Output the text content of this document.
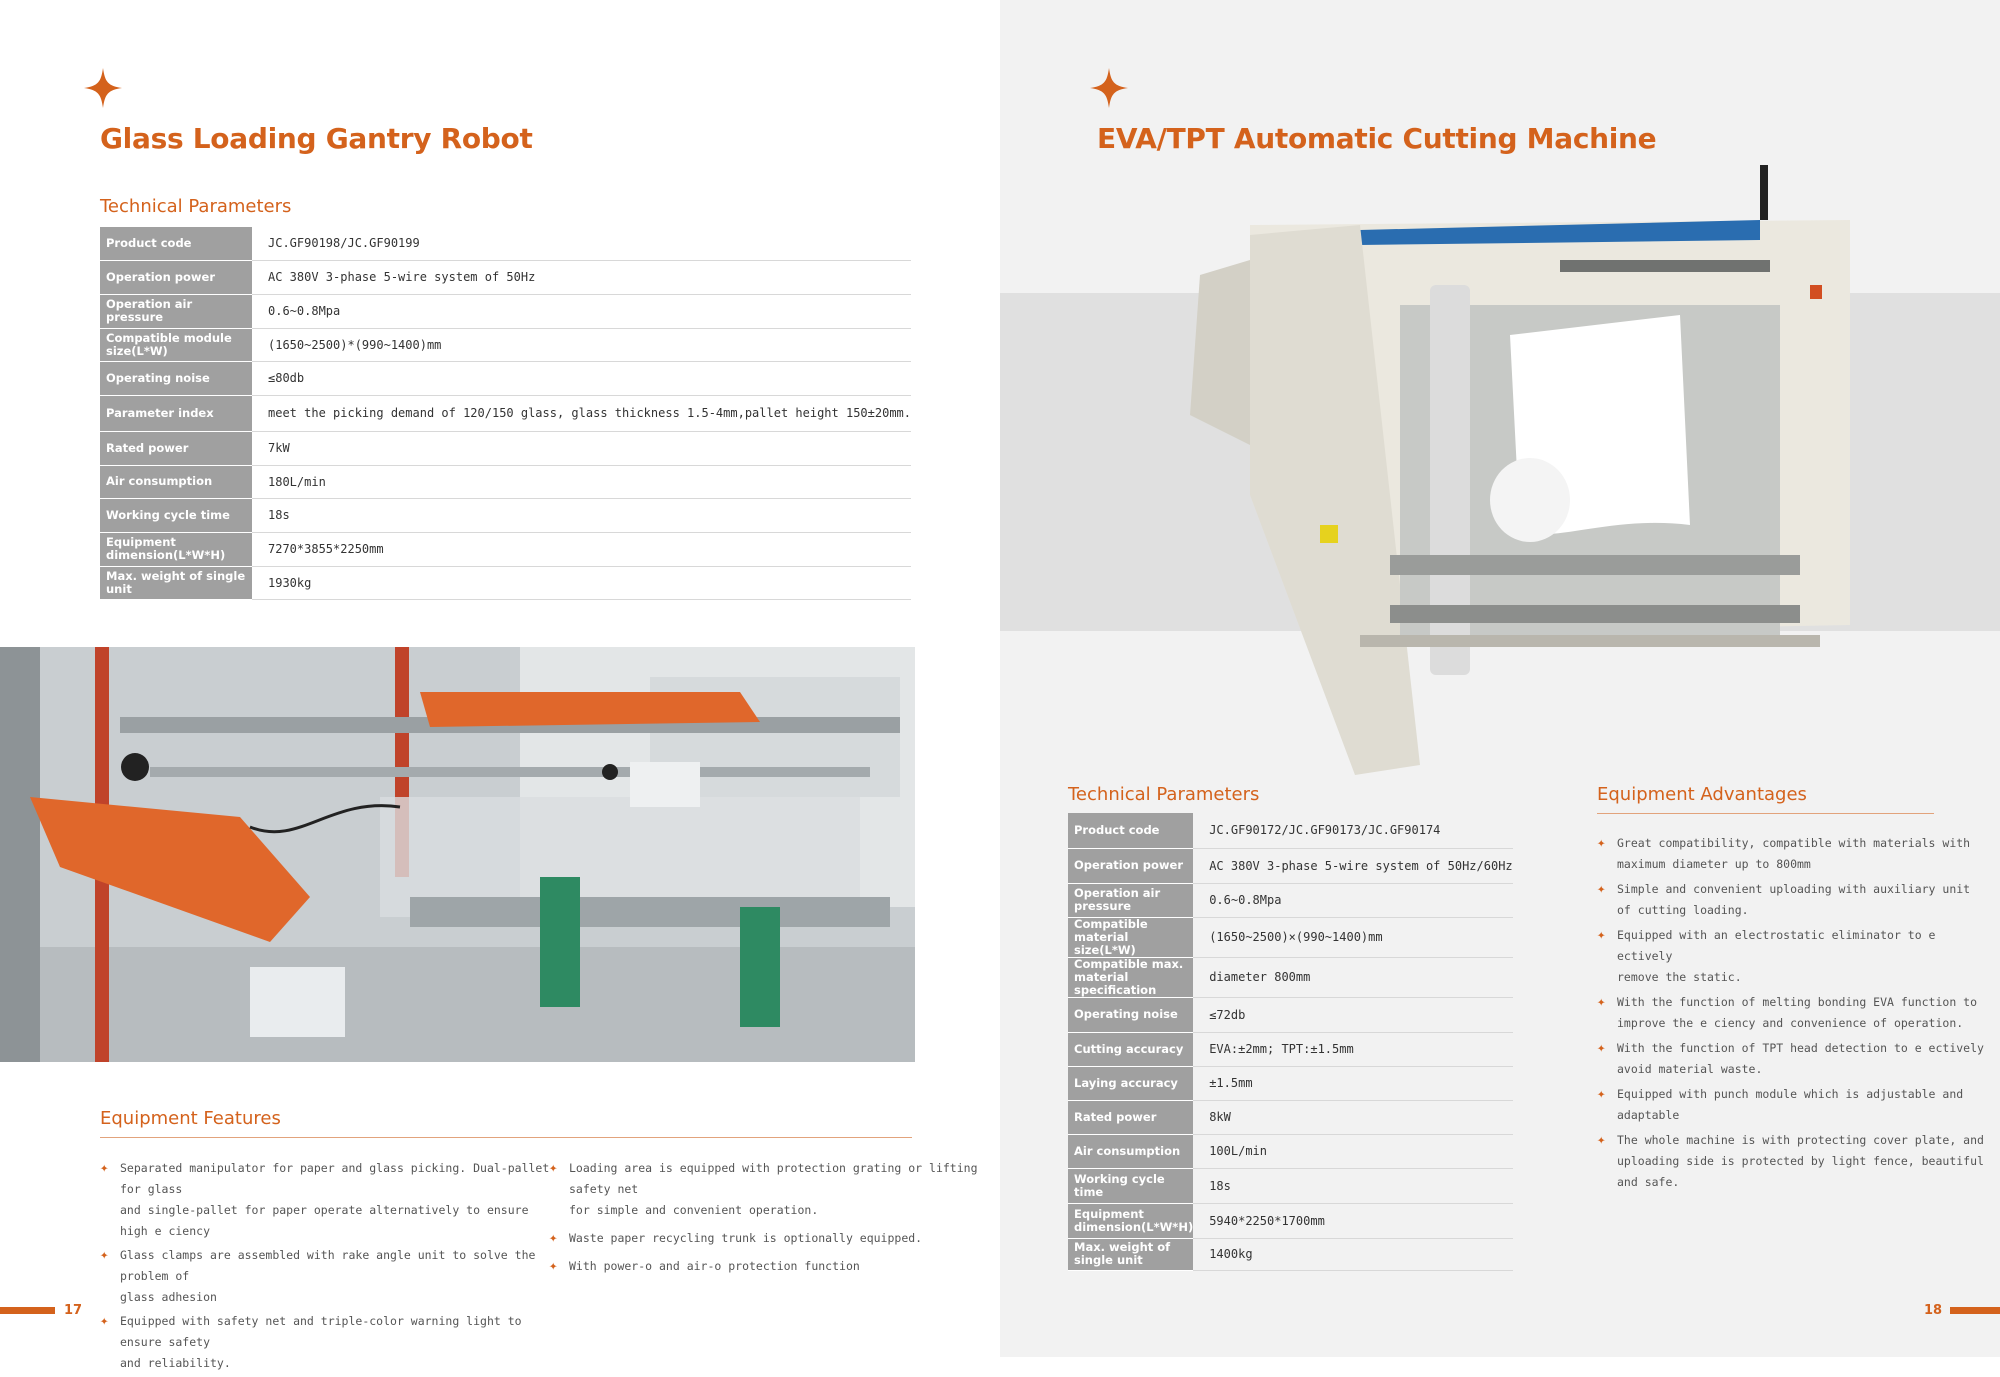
Glass Loading Gantry Robot
Technical Parameters
Product code	JC.GF90198/JC.GF90199
Operation power	AC 380V 3-phase 5-wire system of 50Hz
Operation air pressure	0.6~0.8Mpa
Compatible module size(L*W)	(1650~2500)*(990~1400)mm
Operating noise	≤80db
Parameter index	meet the picking demand of 120/150 glass, glass thickness 1.5-4mm,pallet height 150±20mm.
Rated power	7kW
Air consumption	180L/min
Working cycle time	18s
Equipment dimension(L*W*H)	7270*3855*2250mm
Max. weight of single unit	1930kg
Equipment Features
✦ Separated manipulator for paper and glass picking. Dual-pallet for glass
and single-pallet for paper operate alternatively to ensure high e ciency
✦ Glass clamps are assembled with rake angle unit to solve the problem of
glass adhesion
✦ Equipped with safety net and triple-color warning light to ensure safety
and reliability.
✦ Loading area is equipped with protection grating or lifting safety net
for simple and convenient operation.
✦ Waste paper recycling trunk is optionally equipped.
✦ With power-o and air-o protection function
17
EVA/TPT Automatic Cutting Machine
Technical Parameters
Product code	JC.GF90172/JC.GF90173/JC.GF90174
Operation power	AC 380V 3-phase 5-wire system of 50Hz/60Hz
Operation air pressure	0.6~0.8Mpa
Compatible material size(L*W)	(1650~2500)×(990~1400)mm
Compatible max. material specification	diameter 800mm
Operating noise	≤72db
Cutting accuracy	EVA:±2mm; TPT:±1.5mm
Laying accuracy	±1.5mm
Rated power	8kW
Air consumption	100L/min
Working cycle time	18s
Equipment dimension(L*W*H)	5940*2250*1700mm
Max. weight of single unit	1400kg
Equipment Advantages
✦ Great compatibility, compatible with materials with
maximum diameter up to 800mm
✦ Simple and convenient uploading with auxiliary unit
of cutting loading.
✦ Equipped with an electrostatic eliminator to e ectively
remove the static.
✦ With the function of melting bonding EVA function to
improve the e ciency and convenience of operation.
✦ With the function of TPT head detection to e ectively
avoid material waste.
✦ Equipped with punch module which is adjustable and
adaptable
✦ The whole machine is with protecting cover plate, and
uploading side is protected by light fence, beautiful
and safe.
18
